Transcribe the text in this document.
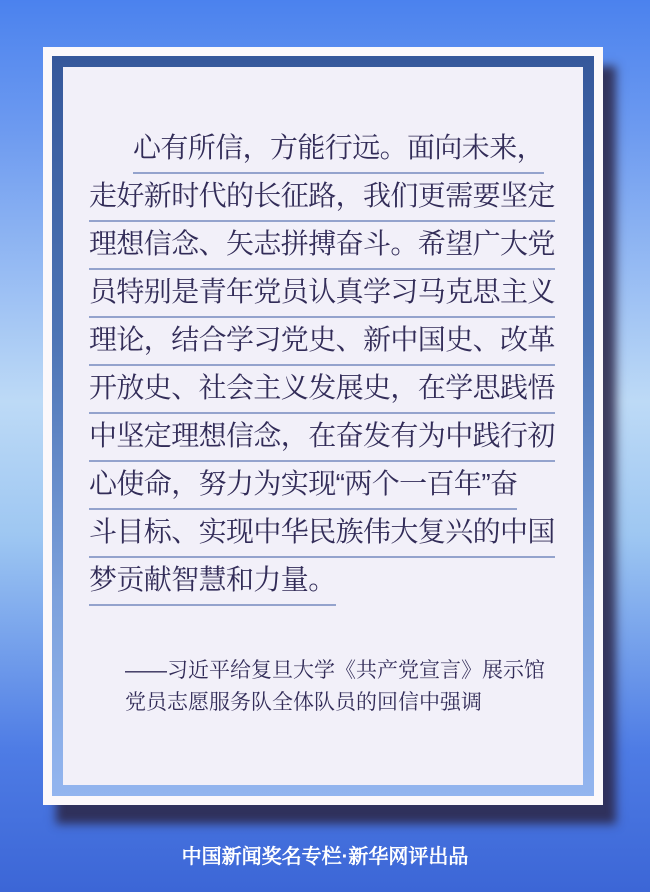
心有所信，方能行远。面向未来，
走好新时代的长征路，我们更需要坚定
理想信念、矢志拼搏奋斗。希望广大党
员特别是青年党员认真学习马克思主义
理论，结合学习党史、新中国史、改革
开放史、社会主义发展史，在学思践悟
中坚定理想信念，在奋发有为中践行初
心使命，努力为实现“两个一百年”奋
斗目标、实现中华民族伟大复兴的中国
梦贡献智慧和力量。
——习近平给复旦大学《共产党宣言》展示馆
党员志愿服务队全体队员的回信中强调
中国新闻奖名专栏·新华网评出品
